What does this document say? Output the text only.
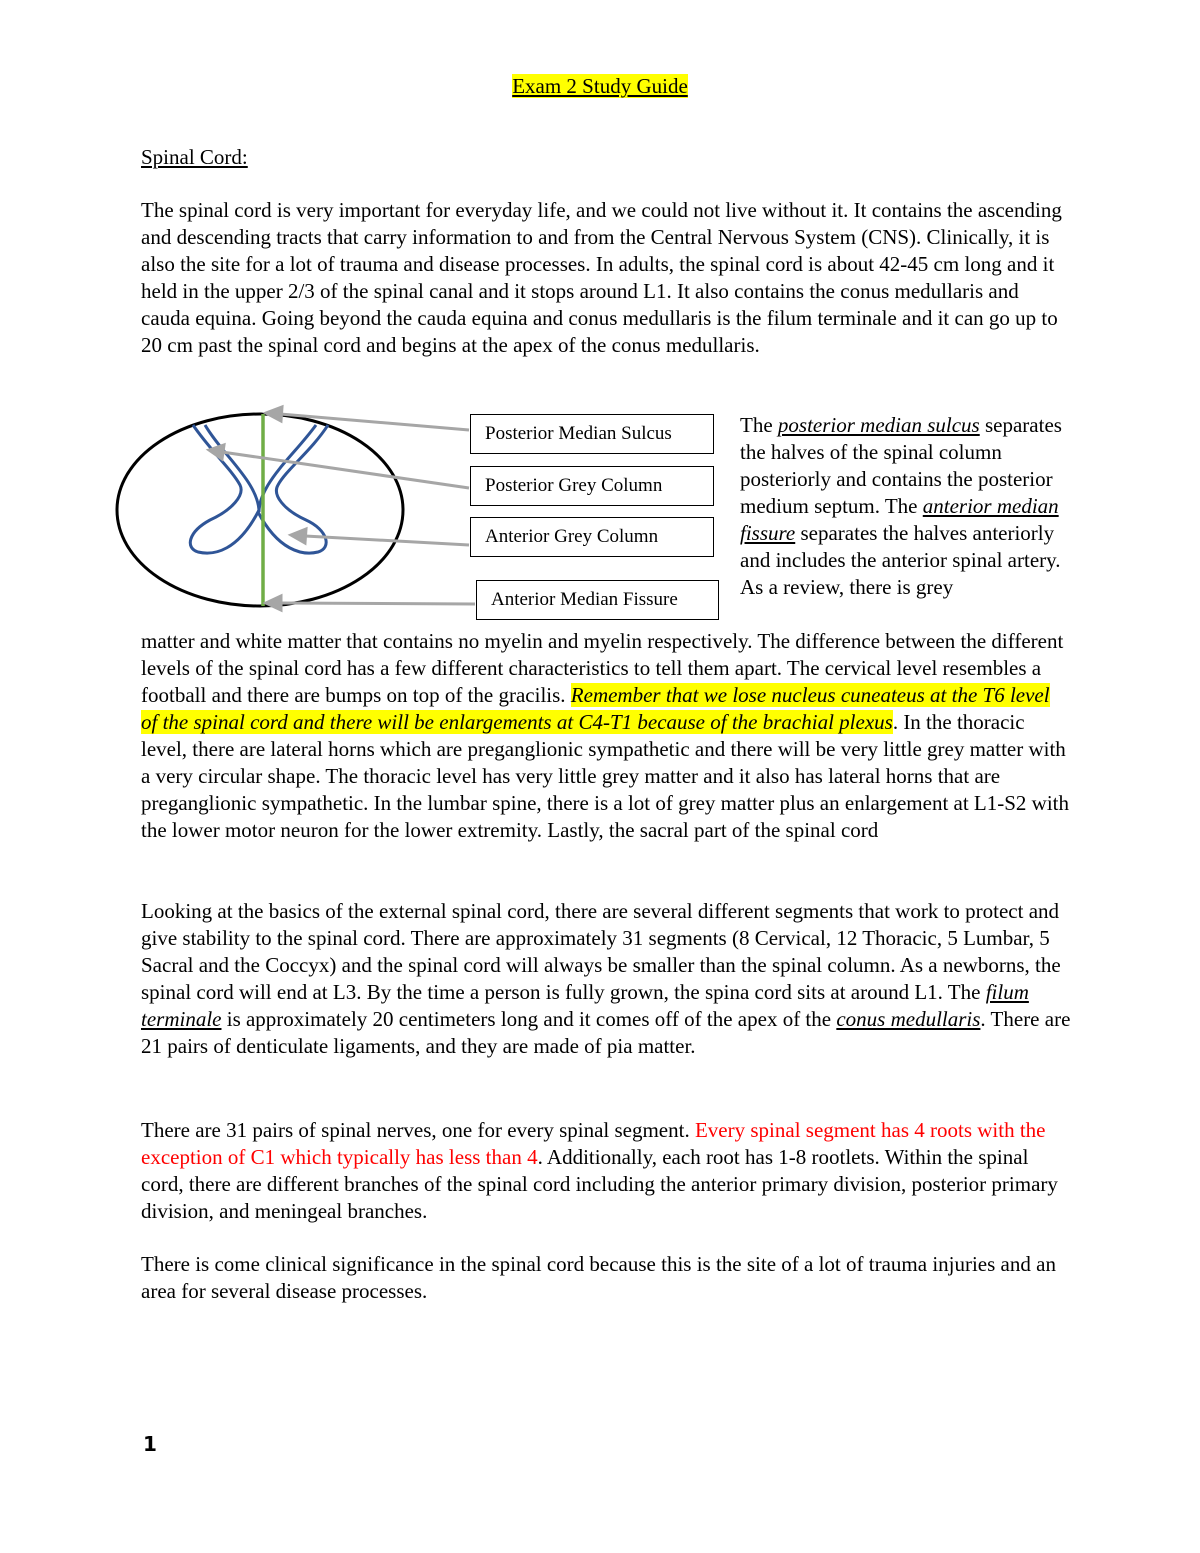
Exam 2 Study Guide
Spinal Cord:

The spinal cord is very important for everyday life, and we could not live without it. It contains the ascending and descending tracts that carry information to and from the Central Nervous System (CNS). Clinically, it is also the site for a lot of trauma and disease processes. In adults, the spinal cord is about 42-45 cm long and it held in the upper 2/3 of the spinal canal and it stops around L1. It also contains the conus medullaris and cauda equina. Going beyond the cauda equina and conus medullaris is the filum terminale and it can go up to 20 cm past the spinal cord and begins at the apex of the conus medullaris.

Posterior Median Sulcus
Posterior Grey Column
Anterior Grey Column
Anterior Median Fissure
The posterior median sulcus separates the halves of the spinal column posteriorly and contains the posterior medium septum. The anterior median fissure separates the halves anteriorly and includes the anterior spinal artery. As a review, there is grey
matter and white matter that contains no myelin and myelin respectively. The difference between the different levels of the spinal cord has a few different characteristics to tell them apart. The cervical level resembles a football and there are bumps on top of the gracilis. Remember that we lose nucleus cuneateus at the T6 level of the spinal cord and there will be enlargements at C4-T1 because of the brachial plexus. In the thoracic level, there are lateral horns which are preganglionic sympathetic and there will be very little grey matter with a very circular shape. The thoracic level has very little grey matter and it also has lateral horns that are preganglionic sympathetic. In the lumbar spine, there is a lot of grey matter plus an enlargement at L1-S2 with the lower motor neuron for the lower extremity. Lastly, the sacral part of the spinal cord

Looking at the basics of the external spinal cord, there are several different segments that work to protect and give stability to the spinal cord. There are approximately 31 segments (8 Cervical, 12 Thoracic, 5 Lumbar, 5 Sacral and the Coccyx) and the spinal cord will always be smaller than the spinal column. As a newborns, the spinal cord will end at L3. By the time a person is fully grown, the spina cord sits at around L1. The filum terminale is approximately 20 centimeters long and it comes off of the apex of the conus medullaris. There are 21 pairs of denticulate ligaments, and they are made of pia matter.

There are 31 pairs of spinal nerves, one for every spinal segment. Every spinal segment has 4 roots with the exception of C1 which typically has less than 4. Additionally, each root has 1-8 rootlets. Within the spinal cord, there are different branches of the spinal cord including the anterior primary division, posterior primary division, and meningeal branches.

There is come clinical significance in the spinal cord because this is the site of a lot of trauma injuries and an area for several disease processes.

1
